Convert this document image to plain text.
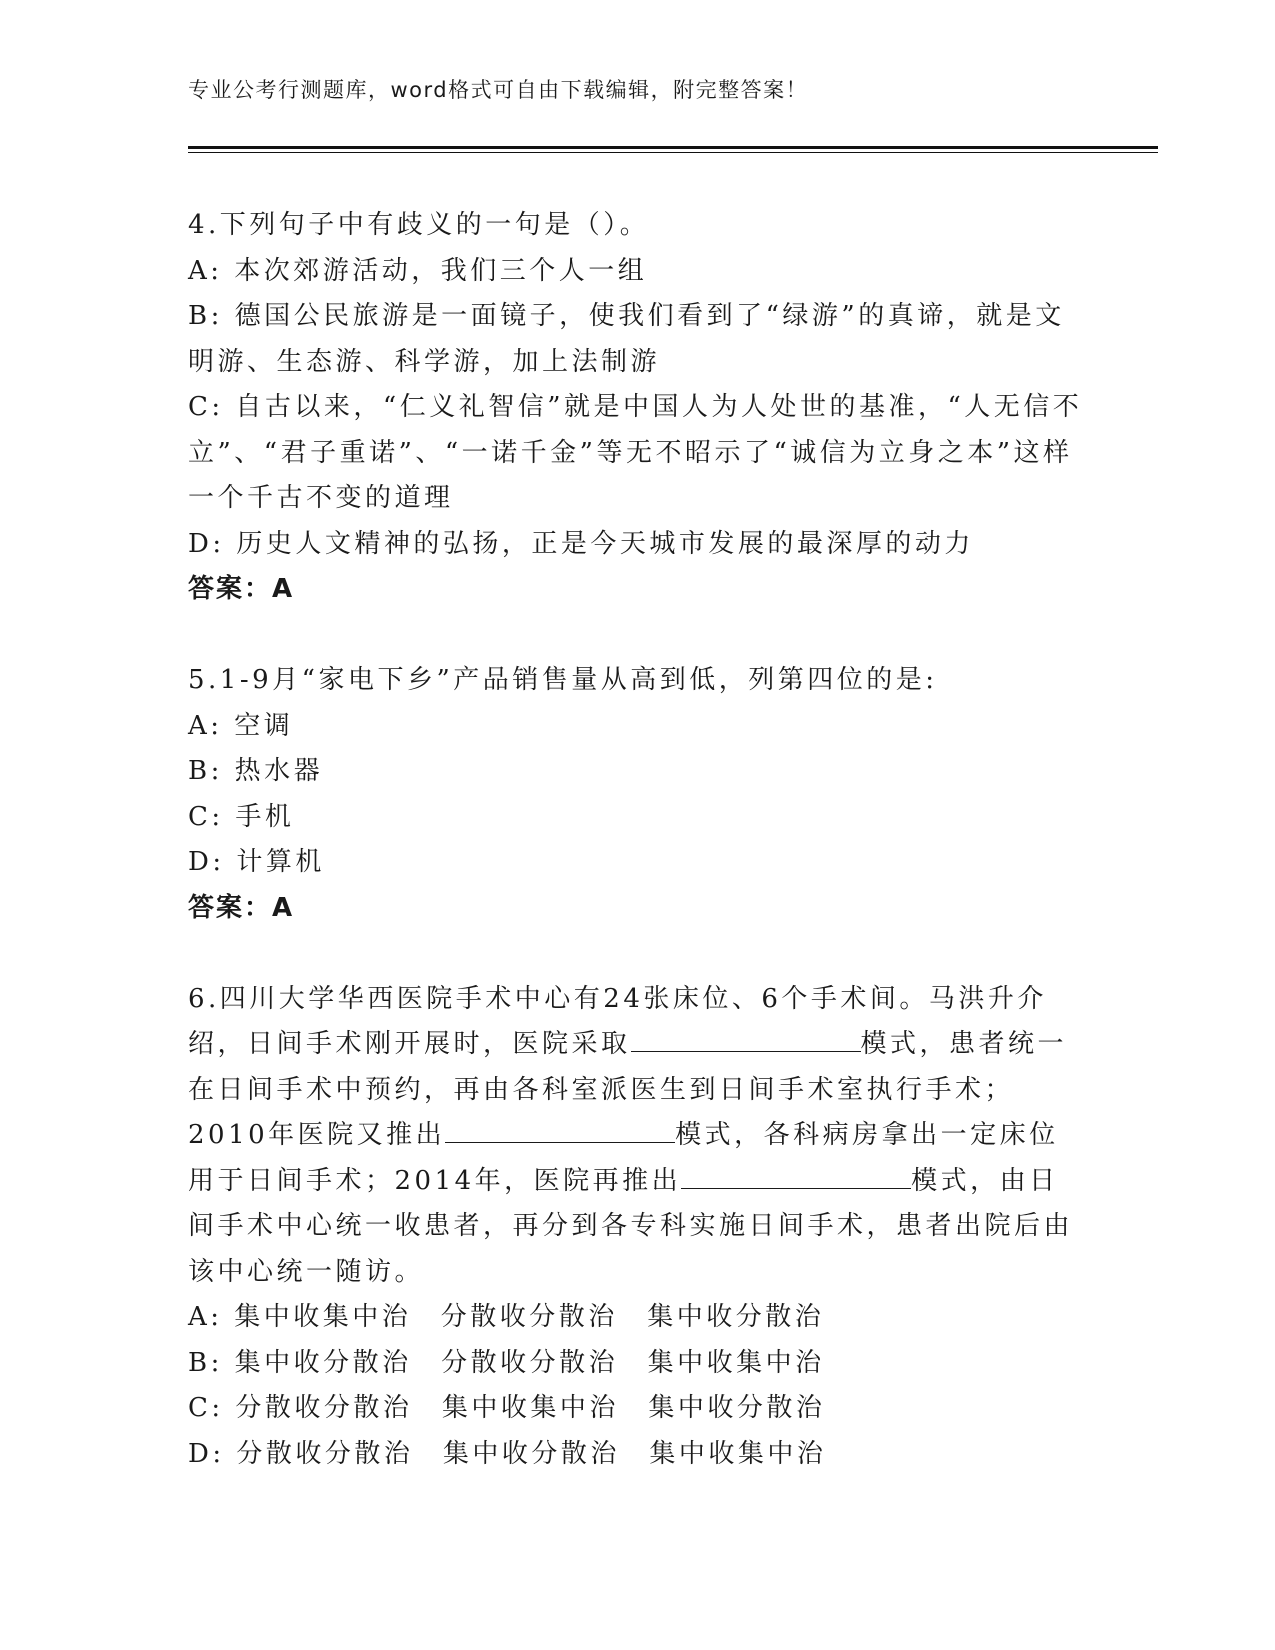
专业公考行测题库，word格式可自由下载编辑，附完整答案！

4.下列句子中有歧义的一句是（）。

A: 本次郊游活动，我们三个人一组

B: 德国公民旅游是一面镜子，使我们看到了“绿游”的真谛，就是文明游、生态游、科学游，加上法制游

C: 自古以来，“仁义礼智信”就是中国人为人处世的基准，“人无信不立”、“君子重诺”、“一诺千金”等无不昭示了“诚信为立身之本”这样一个千古不变的道理

D: 历史人文精神的弘扬，正是今天城市发展的最深厚的动力

答案：A

5.1-9月“家电下乡”产品销售量从高到低，列第四位的是:

A: 空调

B: 热水器

C: 手机

D: 计算机

答案：A

6.四川大学华西医院手术中心有24张床位、6个手术间。马洪升介绍，日间手术刚开展时，医院采取	模式，患者统一在日间手术中预约，再由各科室派医生到日间手术室执行手术；2010年医院又推出	模式，各科病房拿出一定床位用于日间手术；2014年，医院再推出	模式，由日间手术中心统一收患者，再分到各专科实施日间手术，患者出院后由该中心统一随访。

A: 集中收集中治　分散收分散治　集中收分散治

B: 集中收分散治　分散收分散治　集中收集中治

C: 分散收分散治　集中收集中治　集中收分散治

D: 分散收分散治　集中收分散治　集中收集中治
